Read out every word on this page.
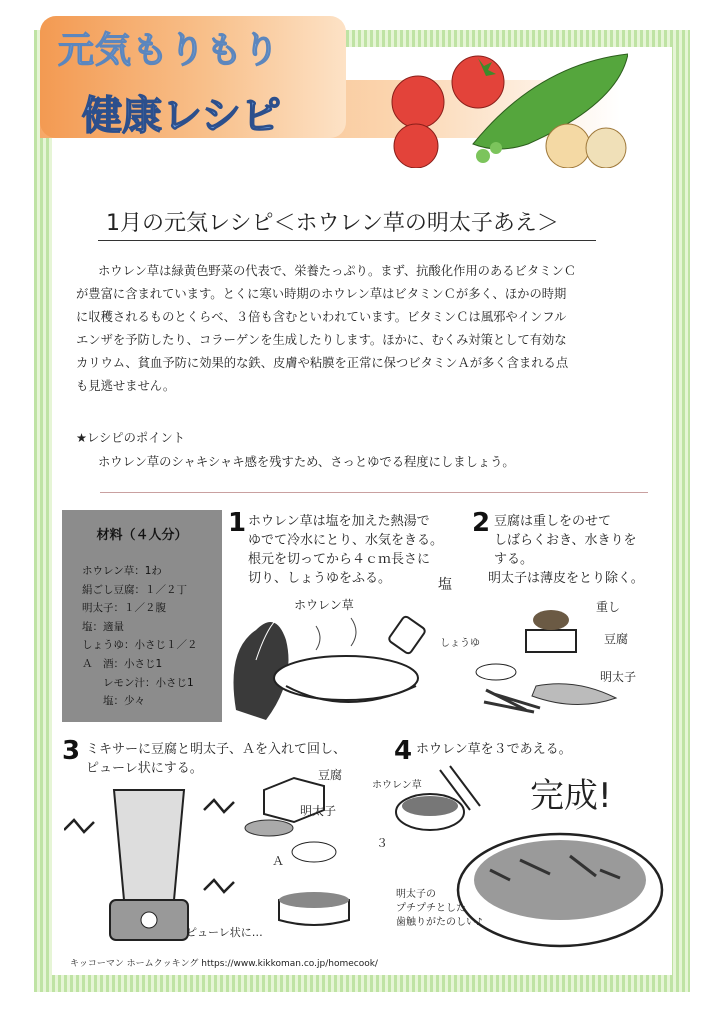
元気もりもり
健康レシピ
1月の元気レシピ＜ホウレン草の明太子あえ＞
ホウレン草は緑黄色野菜の代表で、栄養たっぷり。まず、抗酸化作用のあるビタミンＣ
が豊富に含まれています。とくに寒い時期のホウレン草はビタミンＣが多く、ほかの時期
に収穫されるものとくらべ、３倍も含むといわれています。ビタミンＣは風邪やインフル
エンザを予防したり、コラーゲンを生成したりします。ほかに、むくみ対策として有効な
カリウム、貧血予防に効果的な鉄、皮膚や粘膜を正常に保つビタミンＡが多く含まれる点
も見逃せません。
★レシピのポイント
ホウレン草のシャキシャキ感を残すため、さっとゆでる程度にしましょう。
材料（４人分）
ホウレン草：1わ
絹ごし豆腐：１／２丁
明太子：１／２腹
塩：適量
しょうゆ：小さじ１／２
Ａ　酒：小さじ1
　　レモン汁：小さじ1
　　塩：少々
1 ホウレン草は塩を加えた熱湯で
ゆでて冷水にとり、水気をきる。
根元を切ってから４ｃｍ長さに
切り、しょうゆをふる。
2 豆腐は重しをのせて
しばらくおき、水きりを
する。
明太子は薄皮をとり除く。
ホウレン草
塩
しょうゆ
重し
豆腐
明太子
3 ミキサーに豆腐と明太子、Ａを入れて回し、
ピューレ状にする。	豆腐
明太子
Ａ
ピューレ状に…
4 ホウレン草を３であえる。
ホウレン草
３
完成!
明太子の
プチプチとした
歯触りがたのしい♪
キッコーマン ホームクッキング https://www.kikkoman.co.jp/homecook/
